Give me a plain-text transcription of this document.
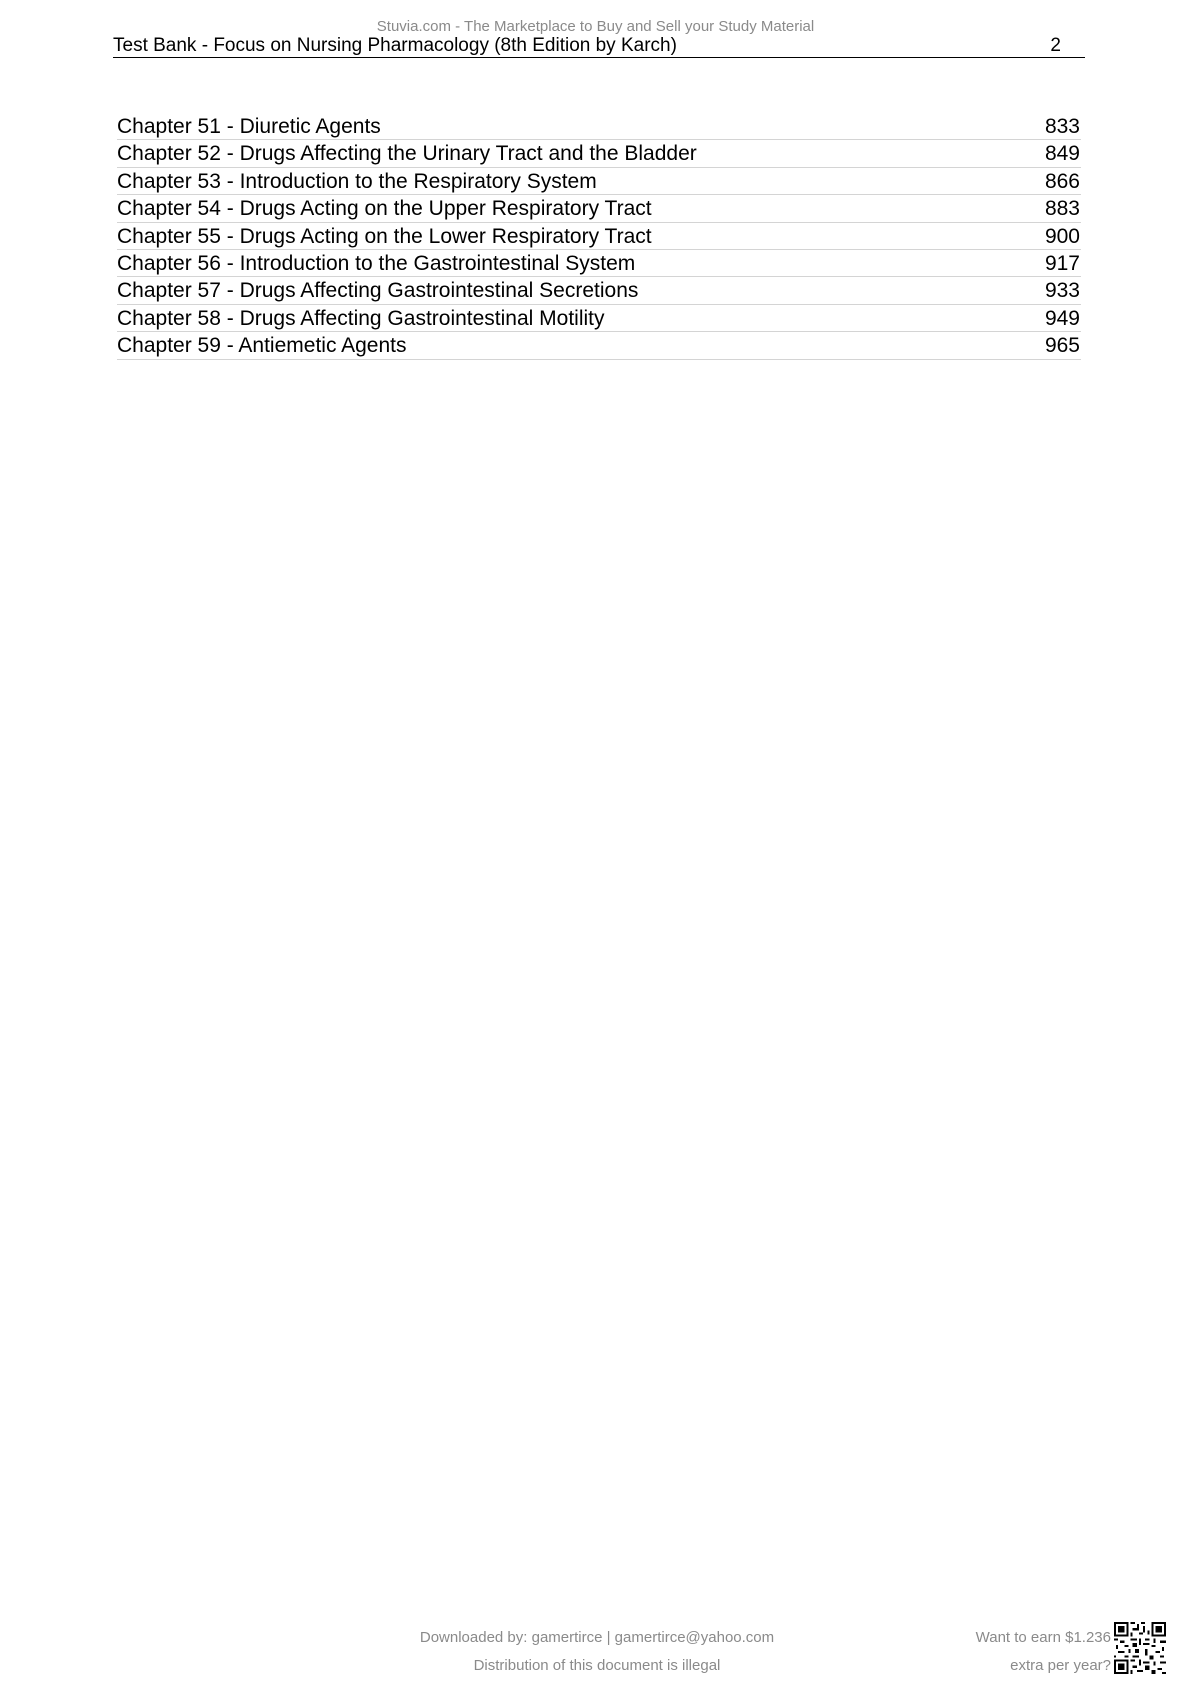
Stuvia.com - The Marketplace to Buy and Sell your Study Material
Test Bank - Focus on Nursing Pharmacology (8th Edition by Karch)	2
Chapter 51 - Diuretic Agents	833
Chapter 52 - Drugs Affecting the Urinary Tract and the Bladder	849
Chapter 53 - Introduction to the Respiratory System	866
Chapter 54 - Drugs Acting on the Upper Respiratory Tract	883
Chapter 55 - Drugs Acting on the Lower Respiratory Tract	900
Chapter 56 - Introduction to the Gastrointestinal System	917
Chapter 57 - Drugs Affecting Gastrointestinal Secretions	933
Chapter 58 - Drugs Affecting Gastrointestinal Motility	949
Chapter 59 - Antiemetic Agents	965
Downloaded by: gamertirce | gamertirce@yahoo.com
Distribution of this document is illegal
Want to earn $1.236
extra per year?
